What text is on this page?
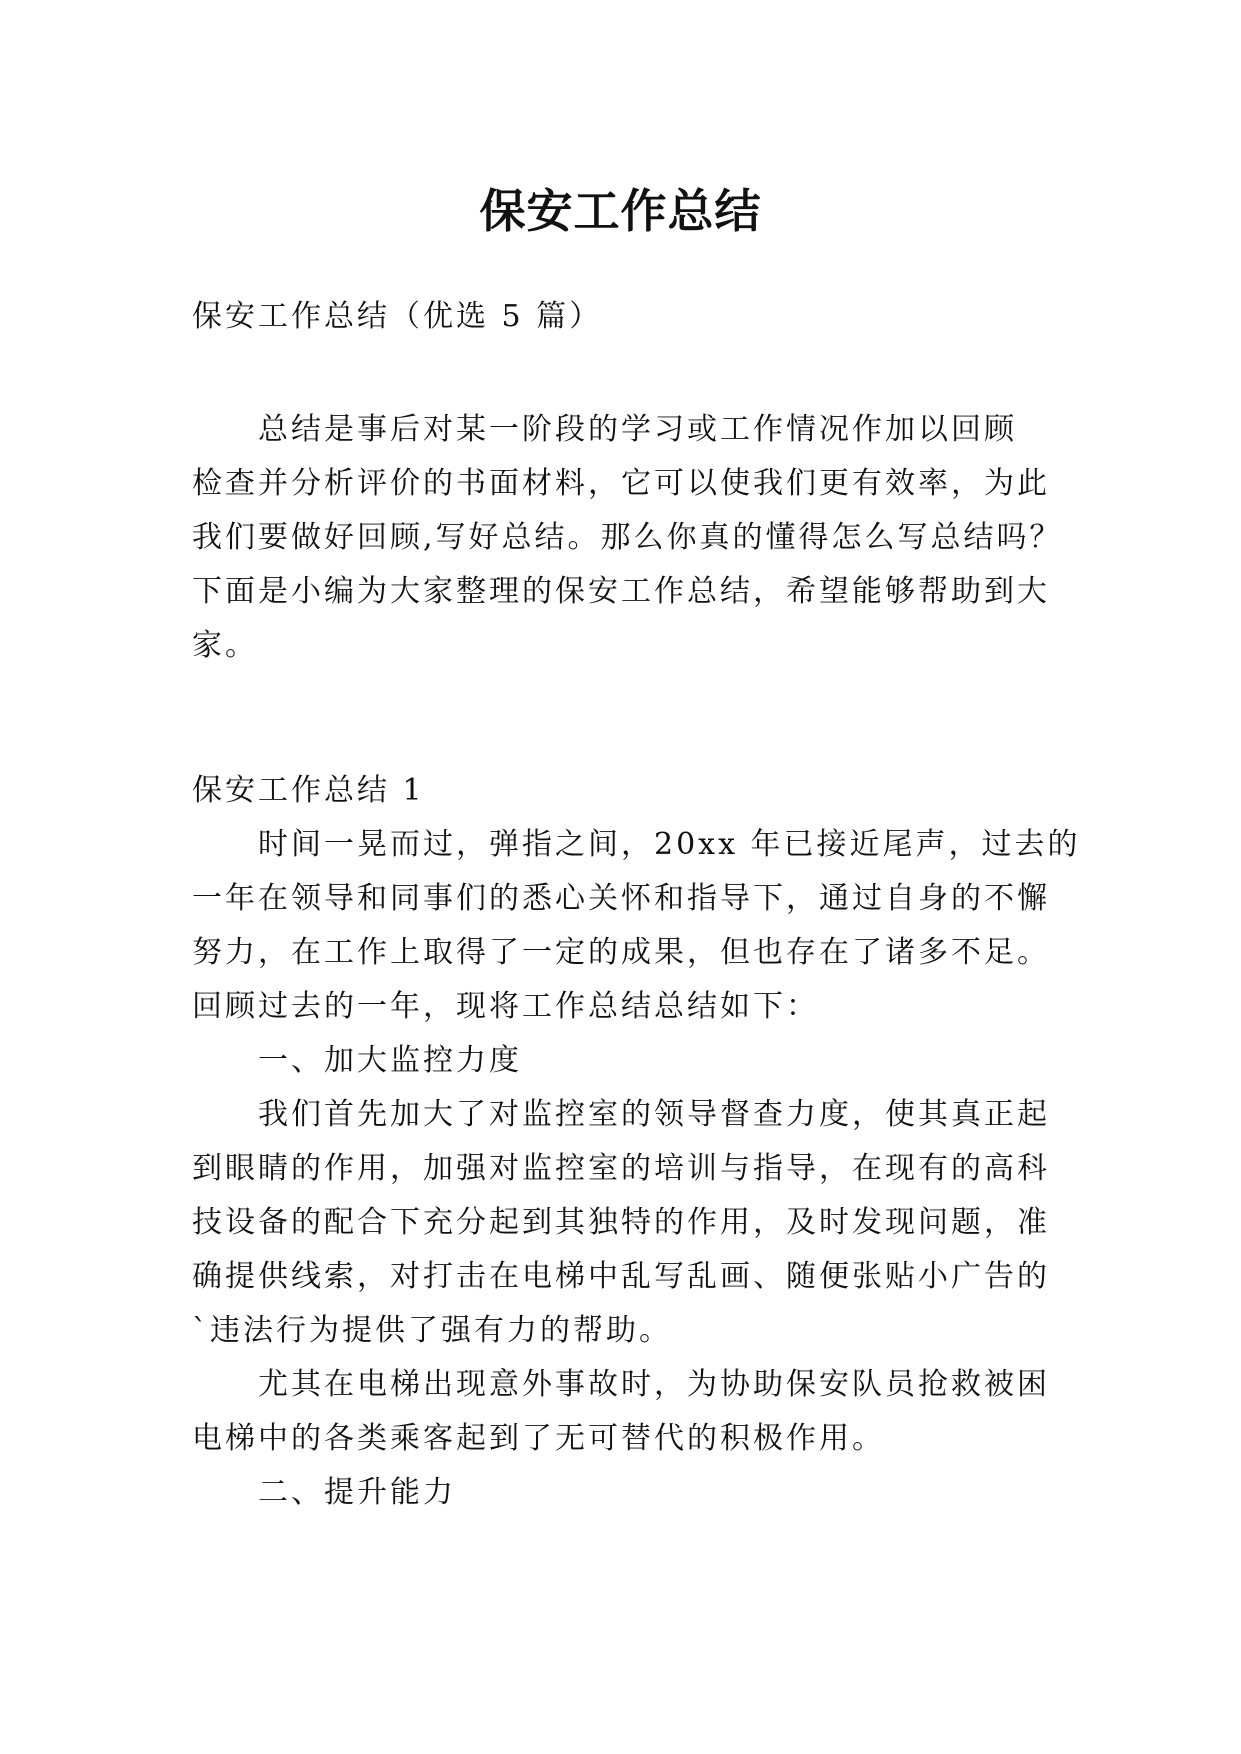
保安工作总结

保安工作总结（优选 5 篇）

总结是事后对某一阶段的学习或工作情况作加以回顾
检查并分析评价的书面材料，它可以使我们更有效率，为此
我们要做好回顾,写好总结。那么你真的懂得怎么写总结吗？
下面是小编为大家整理的保安工作总结，希望能够帮助到大
家。
保安工作总结 1
时间一晃而过，弹指之间，20xx 年已接近尾声，过去的
一年在领导和同事们的悉心关怀和指导下，通过自身的不懈
努力，在工作上取得了一定的成果，但也存在了诸多不足。
回顾过去的一年，现将工作总结总结如下：
一、加大监控力度
我们首先加大了对监控室的领导督查力度，使其真正起
到眼睛的作用，加强对监控室的培训与指导，在现有的高科
技设备的配合下充分起到其独特的作用，及时发现问题，准
确提供线索，对打击在电梯中乱写乱画、随便张贴小广告的
`违法行为提供了强有力的帮助。
尤其在电梯出现意外事故时，为协助保安队员抢救被困
电梯中的各类乘客起到了无可替代的积极作用。
二、提升能力
